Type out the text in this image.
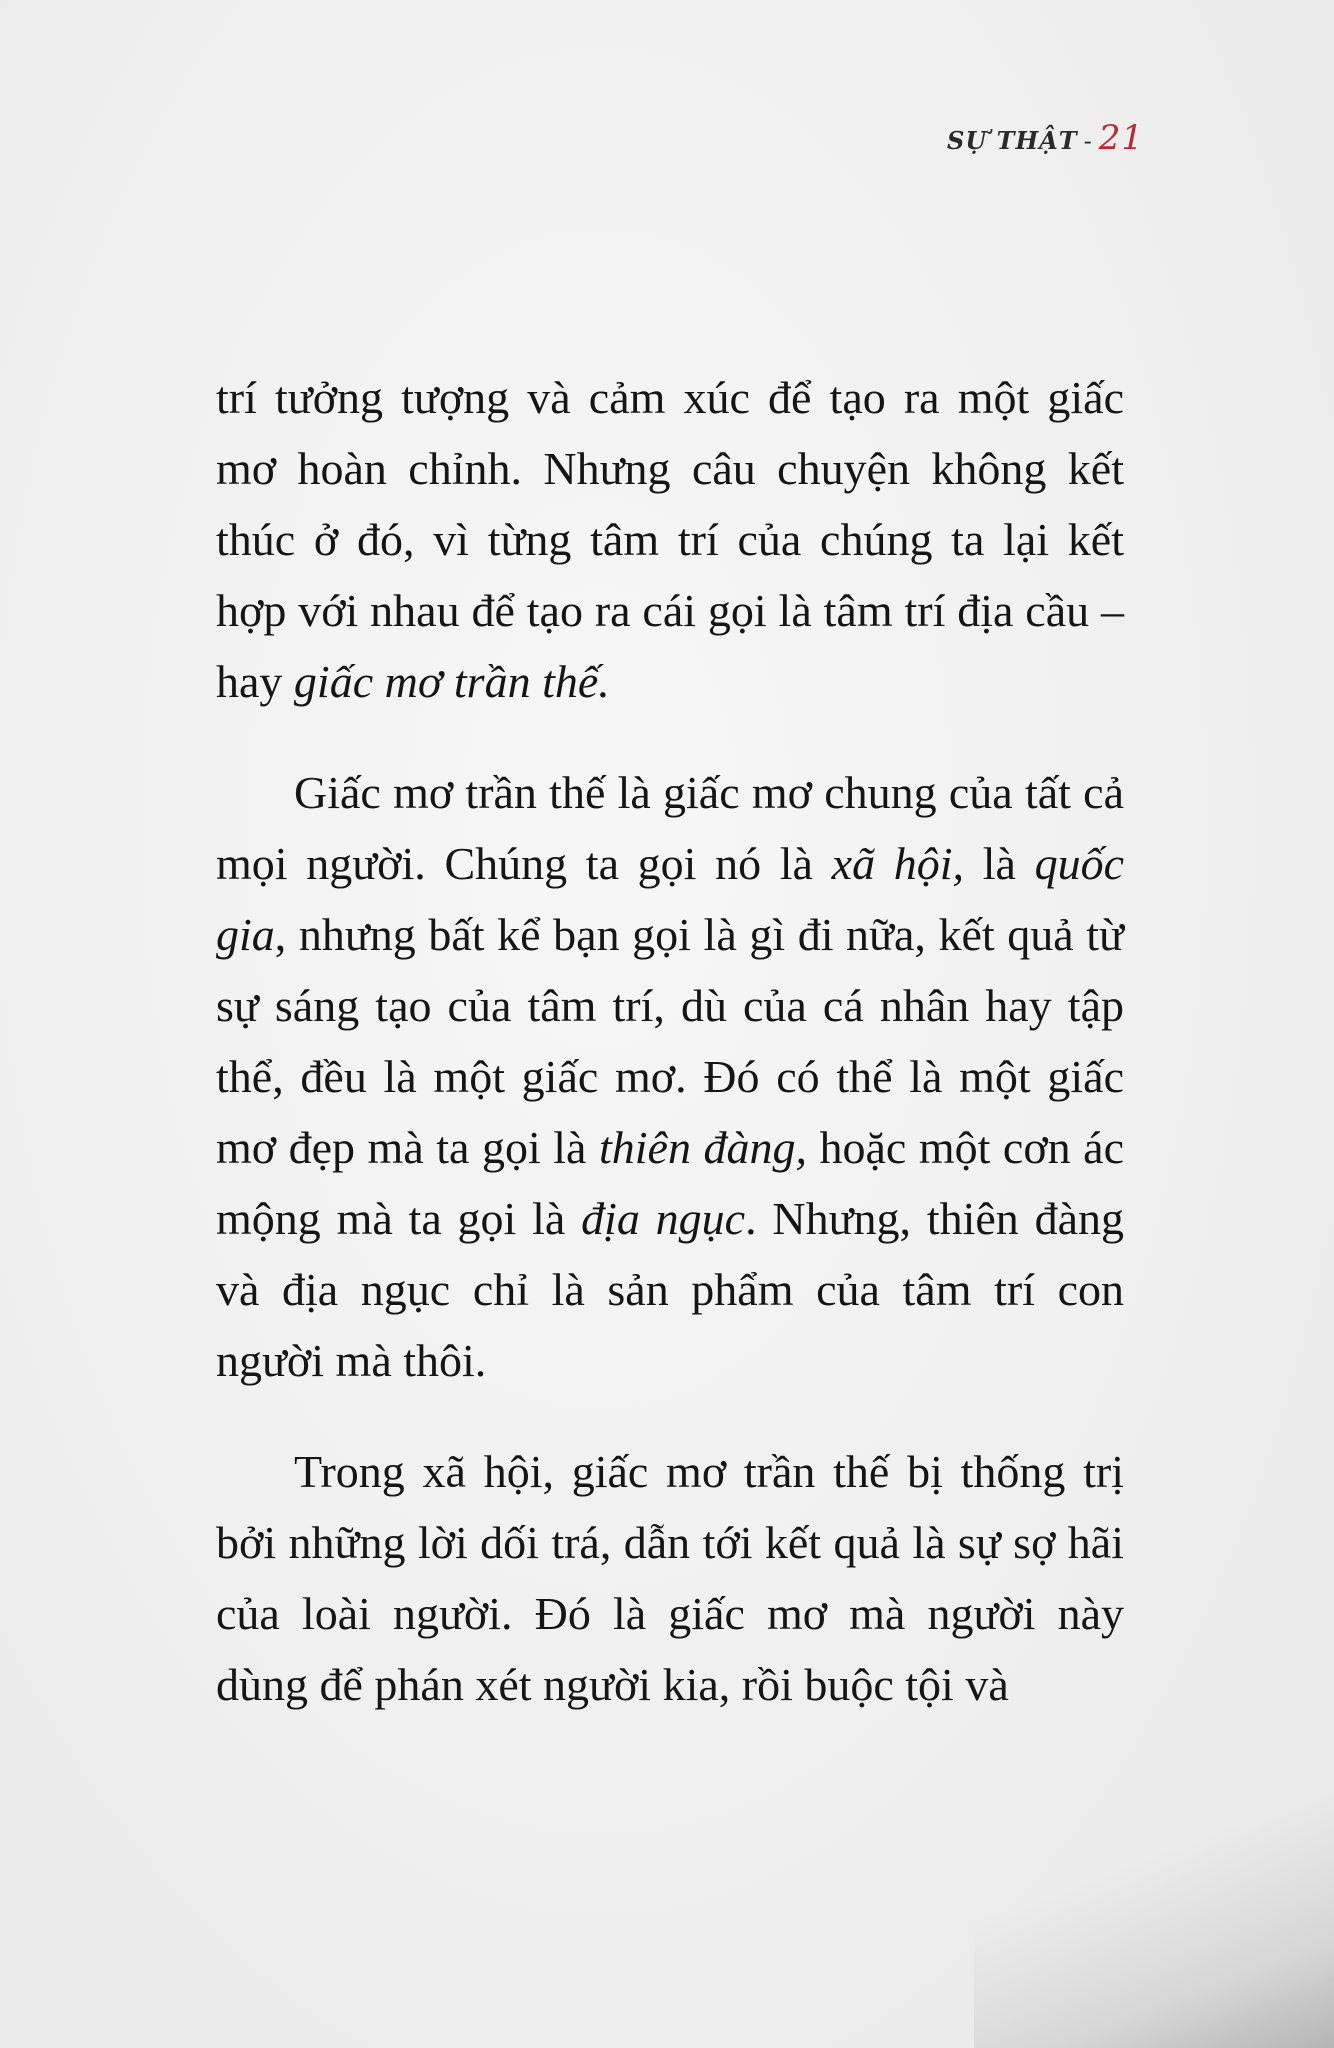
SỰ THẬT - 21

trí tưởng tượng và cảm xúc để tạo ra một giấc mơ hoàn chỉnh. Nhưng câu chuyện không kết thúc ở đó, vì từng tâm trí của chúng ta lại kết hợp với nhau để tạo ra cái gọi là tâm trí địa cầu – hay giấc mơ trần thế.

Giấc mơ trần thế là giấc mơ chung của tất cả mọi người. Chúng ta gọi nó là xã hội, là quốc gia, nhưng bất kể bạn gọi là gì đi nữa, kết quả từ sự sáng tạo của tâm trí, dù của cá nhân hay tập thể, đều là một giấc mơ. Đó có thể là một giấc mơ đẹp mà ta gọi là thiên đàng, hoặc một cơn ác mộng mà ta gọi là địa ngục. Nhưng, thiên đàng và địa ngục chỉ là sản phẩm của tâm trí con người mà thôi.

Trong xã hội, giấc mơ trần thế bị thống trị bởi những lời dối trá, dẫn tới kết quả là sự sợ hãi của loài người. Đó là giấc mơ mà người này dùng để phán xét người kia, rồi buộc tội và
